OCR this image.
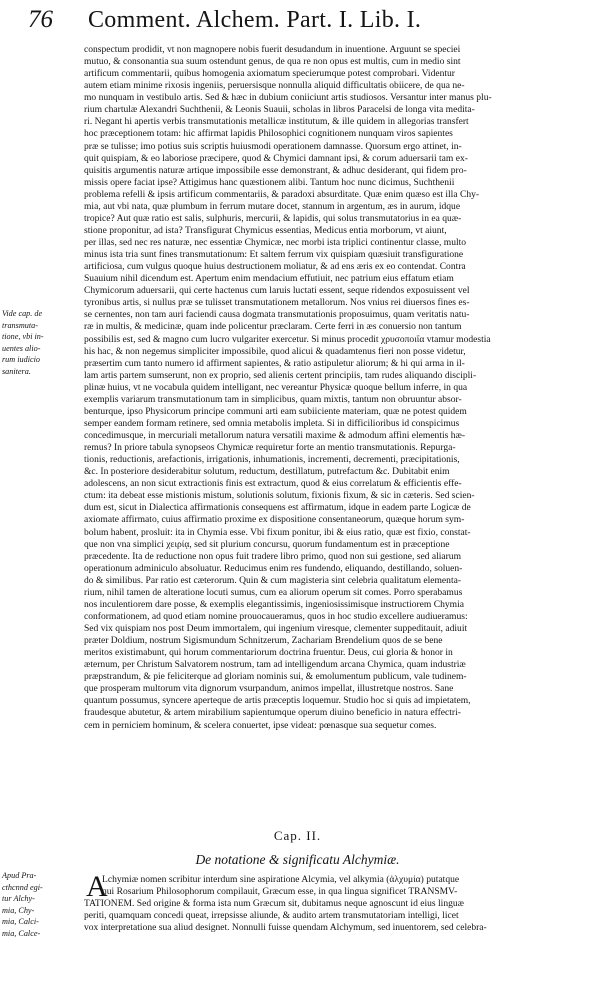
76	Comment. Alchem. Part. I. Lib. I.
Vide cap. de
transmuta-
tione, vbi in-
uentes alio-
rum iudicio
sanitera.
conspectum prodidit, vt non magnopere nobis fuerit desudandum in inuentione. Arguunt se speciei
mutuo, & consonantia sua suum ostendunt genus, de qua re non opus est multis, cum in medio sint
artificum commentarii, quibus homogenia axiomatum specierumque potest comprobari. Videntur
autem etiam minime rixosis ingeniis, peruersisque nonnulla aliquid difficultatis obiicere, de qua ne-
mo nunquam in vestibulo artis. Sed & hæc in dubium coniiciunt artis studiosos. Versantur inter manus plu-
rium chartulæ Alexandri Suchthenii, & Leonis Suauii, scholas in libros Paracelsi de longa vita medita-
ri. Negant hi apertis verbis transmutationis metallicæ institutum, & ille quidem in allegorias transfert
hoc præceptionem totam: hic affirmat lapidis Philosophici cognitionem nunquam viros sapientes
præ se tulisse; imo potius suis scriptis huiusmodi operationem damnasse. Quorsum ergo attinet, in-
quit quispiam, & eo laboriose præcipere, quod & Chymici damnant ipsi, & corum aduersarii tam ex-
quisitis argumentis naturæ artique impossibile esse demonstrant, & adhuc desiderant, qui fidem pro-
missis opere faciat ipse? Attigimus hanc quæstionem alibi. Tantum hoc nunc dicimus, Suchthenii
problema refelli & ipsis artificum commentariis, & paradoxi absurditate. Quæ enim quæso est illa Chy-
mia, aut vbi nata, quæ plumbum in ferrum mutare docet, stannum in argentum, æs in aurum, idque
tropice? Aut quæ ratio est salis, sulphuris, mercurii, & lapidis, qui solus transmutatorius in ea quæ-
stione proponitur, ad ista? Transfigurat Chymicus essentias, Medicus entia morborum, vt aiunt,
per illas, sed nec res naturæ, nec essentiæ Chymicæ, nec morbi ista triplici continentur classe, multo
minus ista tria sunt fines transmutationum: Et saltem ferrum vix quispiam quæsiuit transfiguratione
artificiosa, cum vulgus quoque huius destructionem moliatur, & ad ens æris ex eo contendat. Contra
Suauium nihil dicendum est. Apertum enim mendacium effutiuit, nec patrium eius effatum etiam
Chymicorum aduersarii, qui certe hactenus cum laruis luctati essent, seque ridendos exposuissent vel
tyronibus artis, si nullus præ se tulisset transmutationem metallorum. Nos vnius rei diuersos fines es-
se cernentes, non tam auri faciendi causa dogmata transmutationis proposuimus, quam veritatis natu-
ræ in multis, & medicinæ, quam inde policentur præclaram. Certe ferri in æs conuersio non tantum
possibilis est, sed & magno cum lucro vulgariter exercetur. Si minus procedit χρυσοποιΐα vtamur modestia
his hac, & non negemus simpliciter impossibile, quod alicui & quadamtenus fieri non posse videtur,
præsertim cum tanto numero id affirment sapientes, & ratio astipuletur aliorum; & hi qui arma in il-
lam artis partem sumserunt, non ex proprio, sed alienis certent principiis, tam rudes aliquando discipli-
plinæ huius, vt ne vocabula quidem intelligant, nec vereantur Physicæ quoque bellum inferre, in qua
exemplis variarum transmutationum tam in simplicibus, quam mixtis, tantum non obruuntur absor-
benturque, ipso Physicorum principe communi arti eam subiiciente materiam, quæ ne potest quidem
semper eandem formam retinere, sed omnia metabolis impleta. Si in difficilioribus id conspicimus
concedimusque, in mercuriali metallorum natura versatili maxime & admodum affini elementis hæ-
remus? In priore tabula synopseos Chymicæ requiretur forte an mentio transmutationis. Repurga-
tionis, reductionis, arefactionis, irrigationis, inhumationis, incrementi, decrementi, præcipitationis,
&c. In posteriore desiderabitur solutum, reductum, destillatum, putrefactum &c. Dubitabit enim
adolescens, an non sicut extractionis finis est extractum, quod & eius correlatum & efficientis effe-
ctum: ita debeat esse mistionis mistum, solutionis solutum, fixionis fixum, & sic in cæteris. Sed scien-
dum est, sicut in Dialectica affirmationis consequens est affirmatum, idque in eadem parte Logicæ de
axiomate affirmato, cuius affirmatio proxime ex dispositione consentaneorum, quæque horum sym-
bolum habent, prosluit: ita in Chymia esse. Vbi fixum ponitur, ibi & eius ratio, quæ est fixio, constat-
que non vna simplici χειρίᾳ, sed sit plurium concursu, quorum fundamentum est in præceptione
præcedente. Ita de reductione non opus fuit tradere libro primo, quod non sui gestione, sed aliarum
operationum adminiculo absoluatur. Reducimus enim res fundendo, eliquando, destillando, soluen-
do & similibus. Par ratio est cæterorum. Quin & cum magisteria sint celebria qualitatum elementa-
rium, nihil tamen de alteratione locuti sumus, cum ea aliorum operum sit comes. Porro sperabamus
nos inculentiorem dare posse, & exemplis elegantissimis, ingeniosissimisque instructiorem Chymia
conformationem, ad quod etiam nomine prouocaueramus, quos in hoc studio excellere audiueramus:
Sed vix quispiam nos post Deum immortalem, qui ingenium viresque, clementer suppeditauit, adiuit
præter Doldium, nostrum Sigismundum Schnitzerum, Zachariam Brendelium quos de se bene
meritos existimabunt, qui horum commentariorum doctrina fruentur. Deus, cui gloria & honor in
æternum, per Christum Salvatorem nostrum, tam ad intelligendum arcana Chymica, quam industriæ
præpstrandum, & pie feliciterque ad gloriam nominis sui, & emolumentum publicum, vale tudinem-
que prosperam multorum vita dignorum vsurpandum, animos impellat, illustretque nostros. Sane
quantum possumus, syncere aperteque de artis præceptis loquemur. Studio hoc si quis ad impietatem,
fraudesque abutetur, & artem mirabilium sapientumque operum diuino beneficio in natura effectri-
cem in perniciem hominum, & scelera conuertet, ipse videat: pœnasque sua sequetur comes.
Cap. II.
De notatione & significatu Alchymiæ.
Apud Pra-
cthcnnd egi-
tur Alchy-
mia, Chy-
mia, Calci-
mia, Calce-
A
Lchymiæ nomen scribitur interdum sine aspiratione Alcymia, vel alkymia (ἀλχυμία) putatque
qui Rosarium Philosophorum compilauit, Græcum esse, in qua lingua significet TRANSMV-
TATIONEM. Sed origine & forma ista num Græcum sit, dubitamus neque agnoscunt id eius linguæ
periti, quamquam concedi queat, irrepsisse aliunde, & audito artem transmutatoriam intelligi, licet
vox interpretatione sua aliud designet. Nonnulli fuisse quendam Alchymum, sed inuentorem, sed celebra-
